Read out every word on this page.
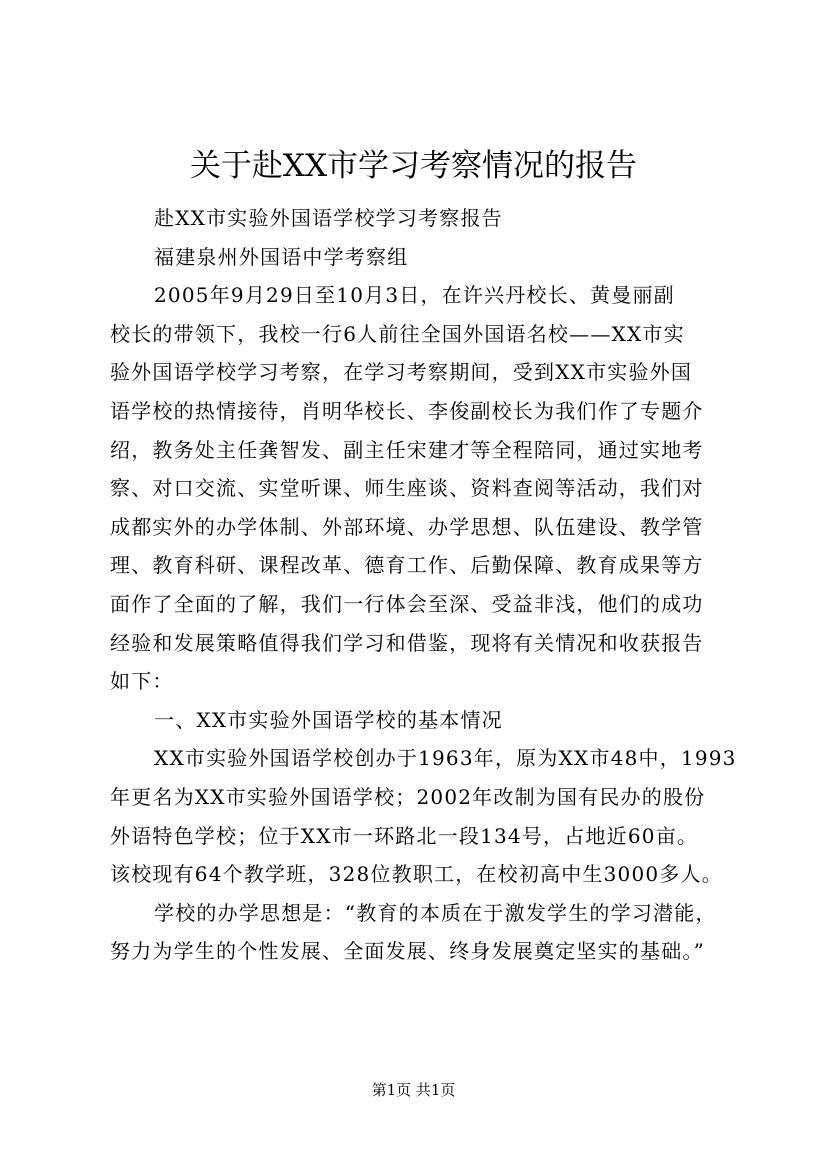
关于赴XX市学习考察情况的报告
赴XX市实验外国语学校学习考察报告
福建泉州外国语中学考察组
2005年9月29日至10月3日，在许兴丹校长、黄曼丽副
校长的带领下，我校一行6人前往全国外国语名校——XX市实
验外国语学校学习考察，在学习考察期间，受到XX市实验外国
语学校的热情接待，肖明华校长、李俊副校长为我们作了专题介
绍，教务处主任龚智发、副主任宋建才等全程陪同，通过实地考
察、对口交流、实堂听课、师生座谈、资料查阅等活动，我们对
成都实外的办学体制、外部环境、办学思想、队伍建设、教学管
理、教育科研、课程改革、德育工作、后勤保障、教育成果等方
面作了全面的了解，我们一行体会至深、受益非浅，他们的成功
经验和发展策略值得我们学习和借鉴，现将有关情况和收获报告
如下：
一、XX市实验外国语学校的基本情况
XX市实验外国语学校创办于1963年，原为XX市48中，1993
年更名为XX市实验外国语学校；2002年改制为国有民办的股份
外语特色学校；位于XX市一环路北一段134号，占地近60亩。
该校现有64个教学班，328位教职工，在校初高中生3000多人。
学校的办学思想是：“教育的本质在于激发学生的学习潜能，
努力为学生的个性发展、全面发展、终身发展奠定坚实的基础。”
第1页 共1页
